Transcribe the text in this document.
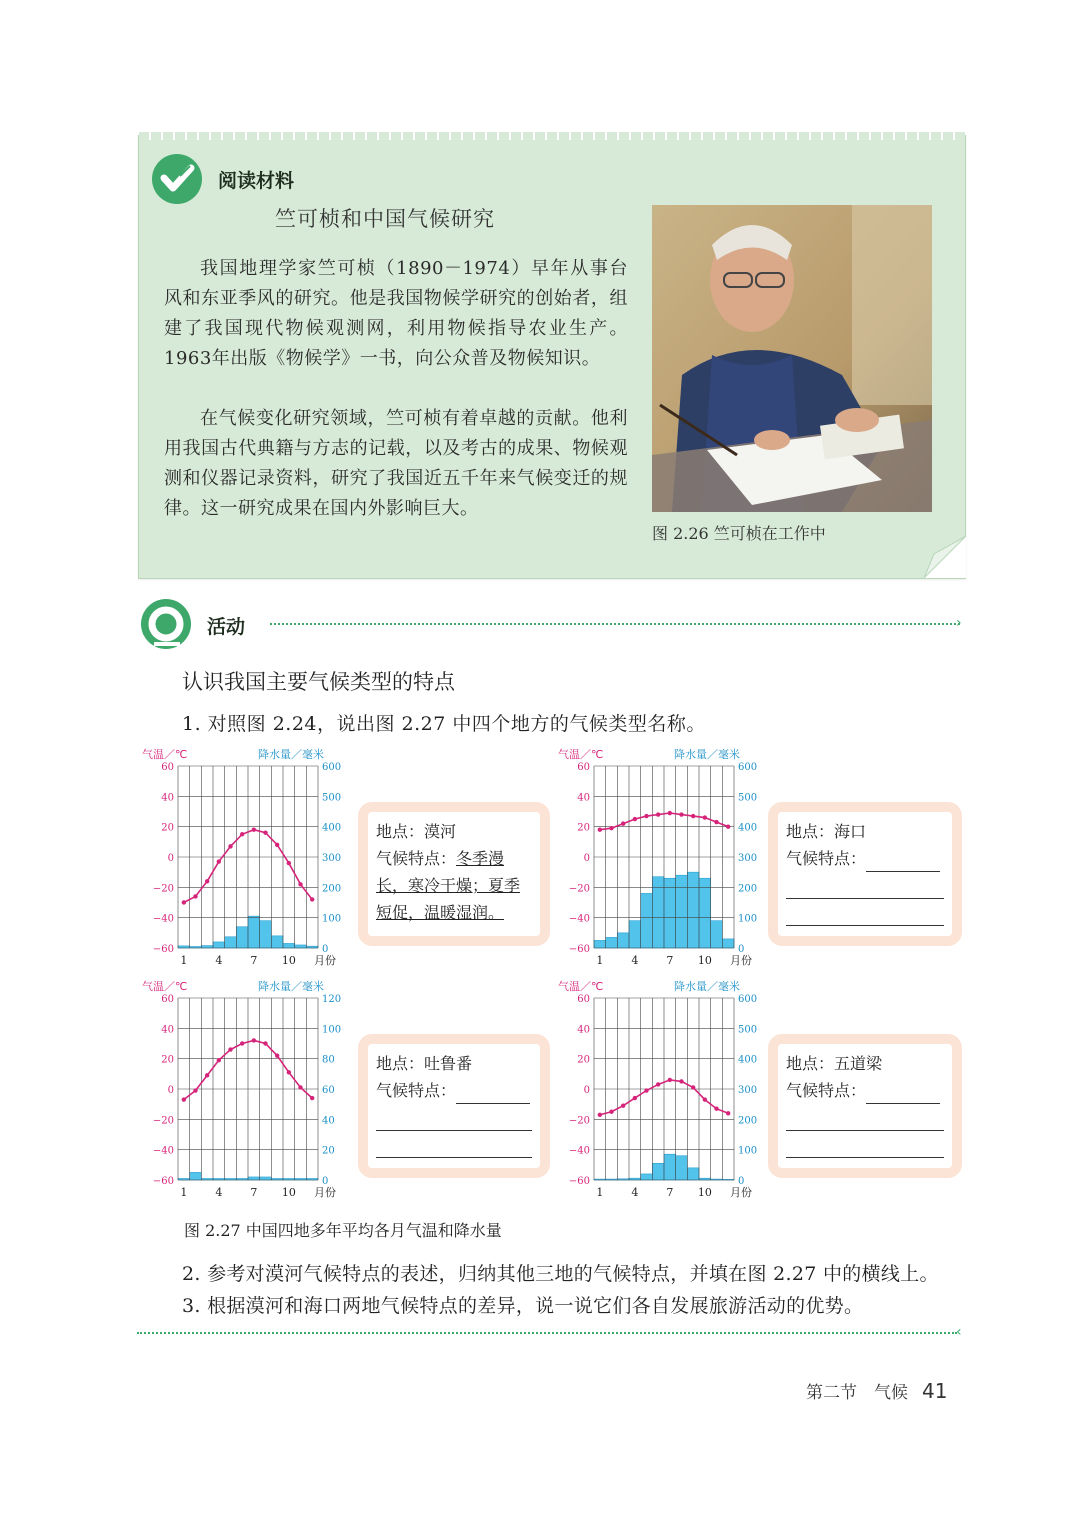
阅读材料
竺可桢和中国气候研究
我国地理学家竺可桢（1890－1974）早年从事台风和东亚季风的研究。他是我国物候学研究的创始者，组建了我国现代物候观测网，利用物候指导农业生产。1963年出版《物候学》一书，向公众普及物候知识。
在气候变化研究领域，竺可桢有着卓越的贡献。他利用我国古代典籍与方志的记载，以及考古的成果、物候观测和仪器记录资料，研究了我国近五千年来气候变迁的规律。这一研究成果在国内外影响巨大。
图 2.26 竺可桢在工作中
活动	›
认识我国主要气候类型的特点
1. 对照图 2.24，说出图 2.27 中四个地方的气候类型名称。
气温／℃	降水量／毫米
−60
−40
−20
0
20
40
60
0
100
200
300
400
500
600
1	4	7 10 月份
气温／℃	降水量／毫米
−60
−40
−20
0
20
40
60
0
100
200
300
400
500
600
1	4	7 10 月份
气温／℃	降水量／毫米
−60
−40
−20
0
20
40
60
0
20
40
60
80
100
120
1	4	7 10 月份
气温／℃	降水量／毫米
−60
−40
−20
0
20
40
60
0
100
200
300
400
500
600
1	4	7 10 月份
地点：漠河
气候特点：冬季漫长，寒冷干燥；夏季短促，温暖湿润。
地点：海口
气候特点：
地点：吐鲁番
气候特点：
地点：五道梁
气候特点：
图 2.27 中国四地多年平均各月气温和降水量
2. 参考对漠河气候特点的表述，归纳其他三地的气候特点，并填在图 2.27 中的横线上。
3. 根据漠河和海口两地气候特点的差异，说一说它们各自发展旅游活动的优势。
‹
第二节　气候 41
